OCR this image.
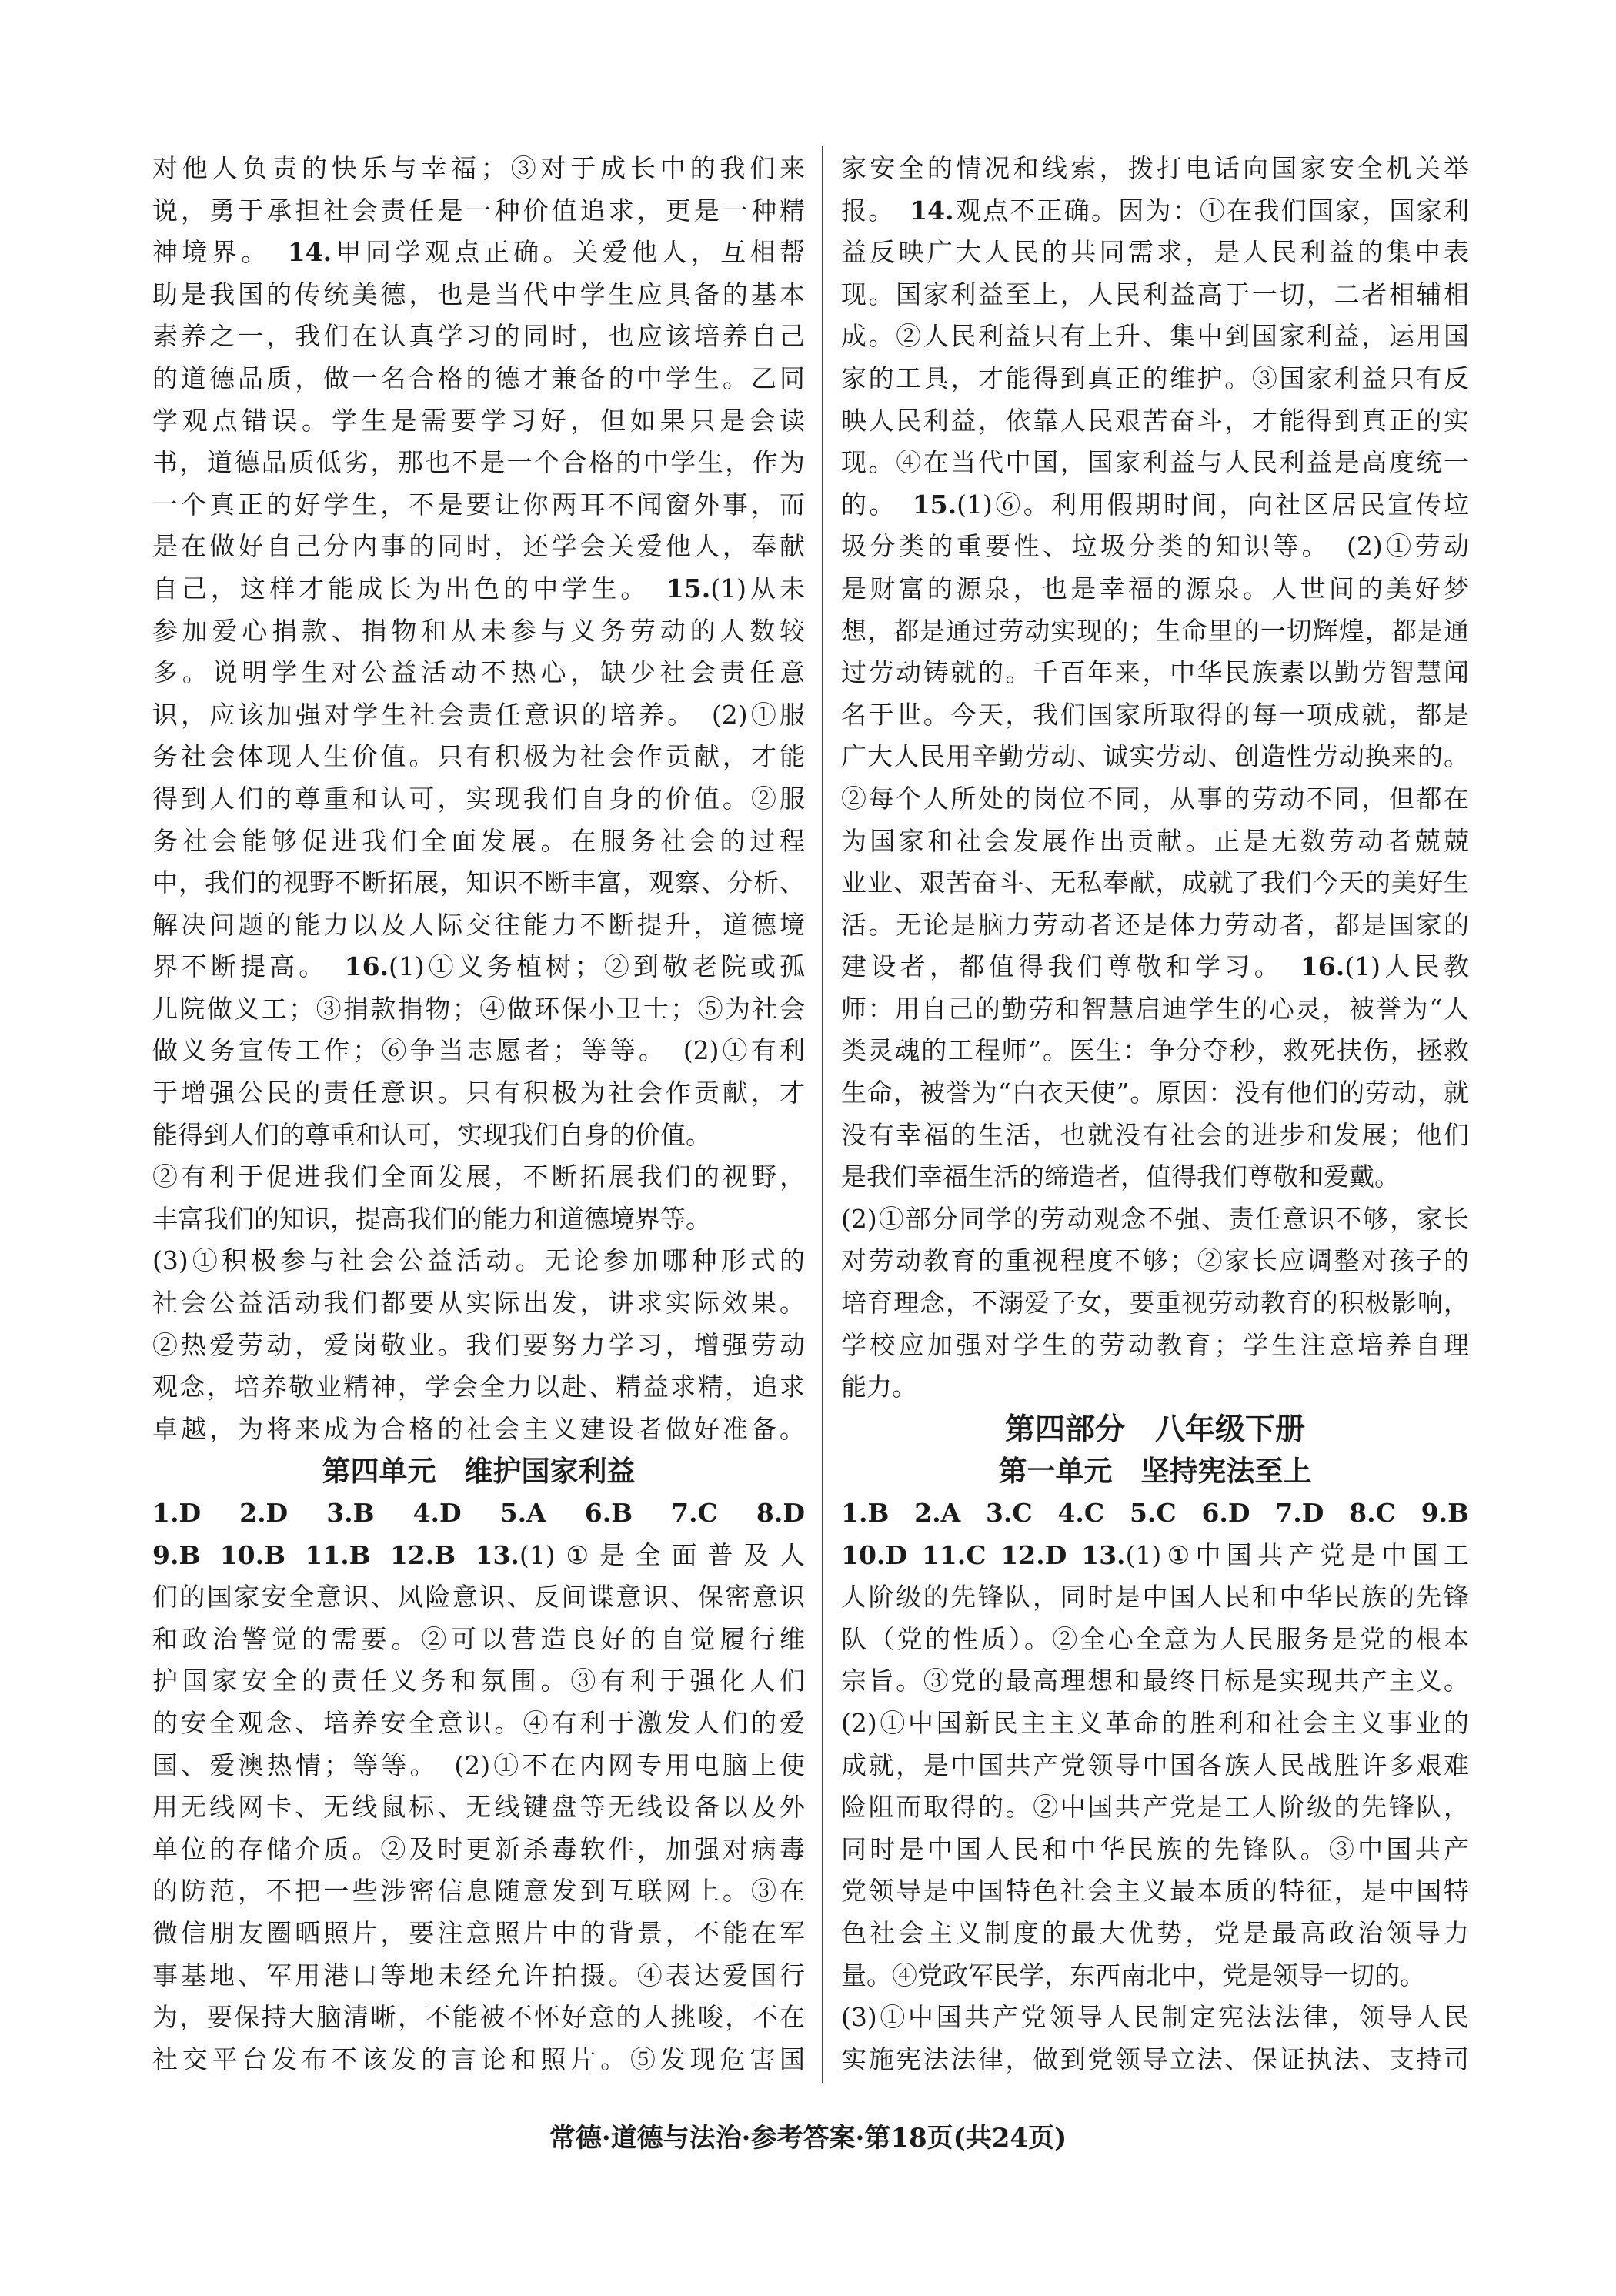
对他人负责的快乐与幸福；③对于成长中的我们来
说，勇于承担社会责任是一种价值追求，更是一种精
神境界。　14.甲同学观点正确。关爱他人，互相帮
助是我国的传统美德，也是当代中学生应具备的基本
素养之一，我们在认真学习的同时，也应该培养自己
的道德品质，做一名合格的德才兼备的中学生。乙同
学观点错误。学生是需要学习好，但如果只是会读
书，道德品质低劣，那也不是一个合格的中学生，作为
一个真正的好学生，不是要让你两耳不闻窗外事，而
是在做好自己分内事的同时，还学会关爱他人，奉献
自己，这样才能成长为出色的中学生。　15.(1)从未
参加爱心捐款、捐物和从未参与义务劳动的人数较
多。说明学生对公益活动不热心，缺少社会责任意
识，应该加强对学生社会责任意识的培养。　(2)①服
务社会体现人生价值。只有积极为社会作贡献，才能
得到人们的尊重和认可，实现我们自身的价值。②服
务社会能够促进我们全面发展。在服务社会的过程
中，我们的视野不断拓展，知识不断丰富，观察、分析、
解决问题的能力以及人际交往能力不断提升，道德境
界不断提高。　16.(1)①义务植树；②到敬老院或孤
儿院做义工；③捐款捐物；④做环保小卫士；⑤为社会
做义务宣传工作；⑥争当志愿者；等等。　(2)①有利
于增强公民的责任意识。只有积极为社会作贡献，才
能得到人们的尊重和认可，实现我们自身的价值。
②有利于促进我们全面发展，不断拓展我们的视野，
丰富我们的知识，提高我们的能力和道德境界等。
(3)①积极参与社会公益活动。无论参加哪种形式的
社会公益活动我们都要从实际出发，讲求实际效果。
②热爱劳动，爱岗敬业。我们要努力学习，增强劳动
观念，培养敬业精神，学会全力以赴、精益求精，追求
卓越，为将来成为合格的社会主义建设者做好准备。
第四单元　维护国家利益
1.D 2.D 3.B 4.D 5.A 6.B 7.C 8.D
9.B 10.B 11.B 12.B 13.(1)①是全面普及人
们的国家安全意识、风险意识、反间谍意识、保密意识
和政治警觉的需要。②可以营造良好的自觉履行维
护国家安全的责任义务和氛围。③有利于强化人们
的安全观念、培养安全意识。④有利于激发人们的爱
国、爱澳热情；等等。　(2)①不在内网专用电脑上使
用无线网卡、无线鼠标、无线键盘等无线设备以及外
单位的存储介质。②及时更新杀毒软件，加强对病毒
的防范，不把一些涉密信息随意发到互联网上。③在
微信朋友圈晒照片，要注意照片中的背景，不能在军
事基地、军用港口等地未经允许拍摄。④表达爱国行
为，要保持大脑清晰，不能被不怀好意的人挑唆，不在
社交平台发布不该发的言论和照片。⑤发现危害国
家安全的情况和线索，拨打电话向国家安全机关举
报。　14.观点不正确。因为：①在我们国家，国家利
益反映广大人民的共同需求，是人民利益的集中表
现。国家利益至上，人民利益高于一切，二者相辅相
成。②人民利益只有上升、集中到国家利益，运用国
家的工具，才能得到真正的维护。③国家利益只有反
映人民利益，依靠人民艰苦奋斗，才能得到真正的实
现。④在当代中国，国家利益与人民利益是高度统一
的。　15.(1)⑥。利用假期时间，向社区居民宣传垃
圾分类的重要性、垃圾分类的知识等。　(2)①劳动
是财富的源泉，也是幸福的源泉。人世间的美好梦
想，都是通过劳动实现的；生命里的一切辉煌，都是通
过劳动铸就的。千百年来，中华民族素以勤劳智慧闻
名于世。今天，我们国家所取得的每一项成就，都是
广大人民用辛勤劳动、诚实劳动、创造性劳动换来的。
②每个人所处的岗位不同，从事的劳动不同，但都在
为国家和社会发展作出贡献。正是无数劳动者兢兢
业业、艰苦奋斗、无私奉献，成就了我们今天的美好生
活。无论是脑力劳动者还是体力劳动者，都是国家的
建设者，都值得我们尊敬和学习。　16.(1)人民教
师：用自己的勤劳和智慧启迪学生的心灵，被誉为“人
类灵魂的工程师”。医生：争分夺秒，救死扶伤，拯救
生命，被誉为“白衣天使”。原因：没有他们的劳动，就
没有幸福的生活，也就没有社会的进步和发展；他们
是我们幸福生活的缔造者，值得我们尊敬和爱戴。
(2)①部分同学的劳动观念不强、责任意识不够，家长
对劳动教育的重视程度不够；②家长应调整对孩子的
培育理念，不溺爱子女，要重视劳动教育的积极影响，
学校应加强对学生的劳动教育；学生注意培养自理
能力。
第四部分　八年级下册
第一单元　坚持宪法至上
1.B 2.A 3.C 4.C 5.C 6.D 7.D 8.C 9.B
10.D 11.C 12.D 13.(1)①中国共产党是中国工
人阶级的先锋队，同时是中国人民和中华民族的先锋
队（党的性质）。②全心全意为人民服务是党的根本
宗旨。③党的最高理想和最终目标是实现共产主义。
(2)①中国新民主主义革命的胜利和社会主义事业的
成就，是中国共产党领导中国各族人民战胜许多艰难
险阻而取得的。②中国共产党是工人阶级的先锋队，
同时是中国人民和中华民族的先锋队。③中国共产
党领导是中国特色社会主义最本质的特征，是中国特
色社会主义制度的最大优势，党是最高政治领导力
量。④党政军民学，东西南北中，党是领导一切的。
(3)①中国共产党领导人民制定宪法法律，领导人民
实施宪法法律，做到党领导立法、保证执法、支持司
常德·道德与法治·参考答案·第18页(共24页)
